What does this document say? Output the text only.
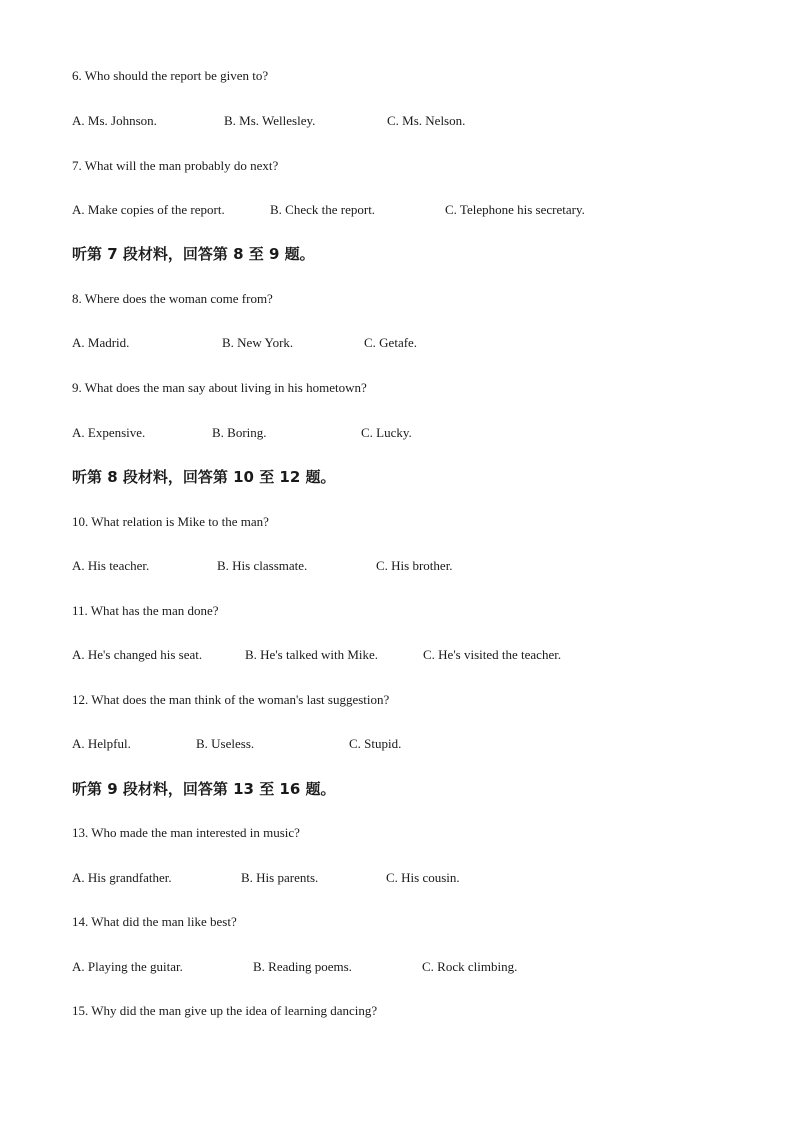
6. Who should the report be given to?
A. Ms. Johnson.	B. Ms. Wellesley.	C. Ms. Nelson.
7. What will the man probably do next?
A. Make copies of the report.	B. Check the report.	C. Telephone his secretary.
听第 7 段材料，回答第 8 至 9 题。
8. Where does the woman come from?
A. Madrid.	B. New York.	C. Getafe.
9. What does the man say about living in his hometown?
A. Expensive.	B. Boring.	C. Lucky.
听第 8 段材料，回答第 10 至 12 题。
10. What relation is Mike to the man?
A. His teacher.	B. His classmate.	C. His brother.
11. What has the man done?
A. He's changed his seat.	B. He's talked with Mike.	C. He's visited the teacher.
12. What does the man think of the woman's last suggestion?
A. Helpful.	B. Useless.	C. Stupid.
听第 9 段材料，回答第 13 至 16 题。
13. Who made the man interested in music?
A. His grandfather.	B. His parents.	C. His cousin.
14. What did the man like best?
A. Playing the guitar.	B. Reading poems.	C. Rock climbing.
15. Why did the man give up the idea of learning dancing?
